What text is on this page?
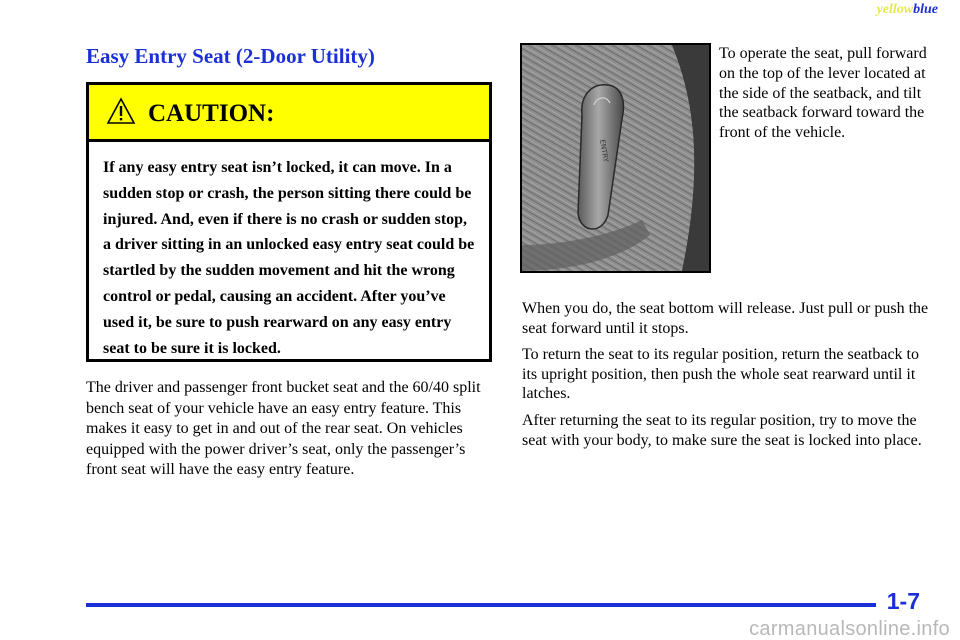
yellowblue
Easy Entry Seat (2-Door Utility)
CAUTION:
If any easy entry seat isn’t locked, it can move. In a sudden stop or crash, the person sitting there could be injured. And, even if there is no crash or sudden stop, a driver sitting in an unlocked easy entry seat could be startled by the sudden movement and hit the wrong control or pedal, causing an accident. After you’ve used it, be sure to push rearward on any easy entry seat to be sure it is locked.

The driver and passenger front bucket seat and the 60/40 split bench seat of your vehicle have an easy entry feature. This makes it easy to get in and out of the rear seat. On vehicles equipped with the power driver’s seat, only the passenger’s front seat will have the easy entry feature.

ENTRY

To operate the seat, pull forward on the top of the lever located at the side of the seatback, and tilt the seatback forward toward the front of the vehicle.

When you do, the seat bottom will release. Just pull or push the seat forward until it stops.

To return the seat to its regular position, return the seatback to its upright position, then push the whole seat rearward until it latches.

After returning the seat to its regular position, try to move the seat with your body, to make sure the seat is locked into place.

1-7
carmanualsonline.info
